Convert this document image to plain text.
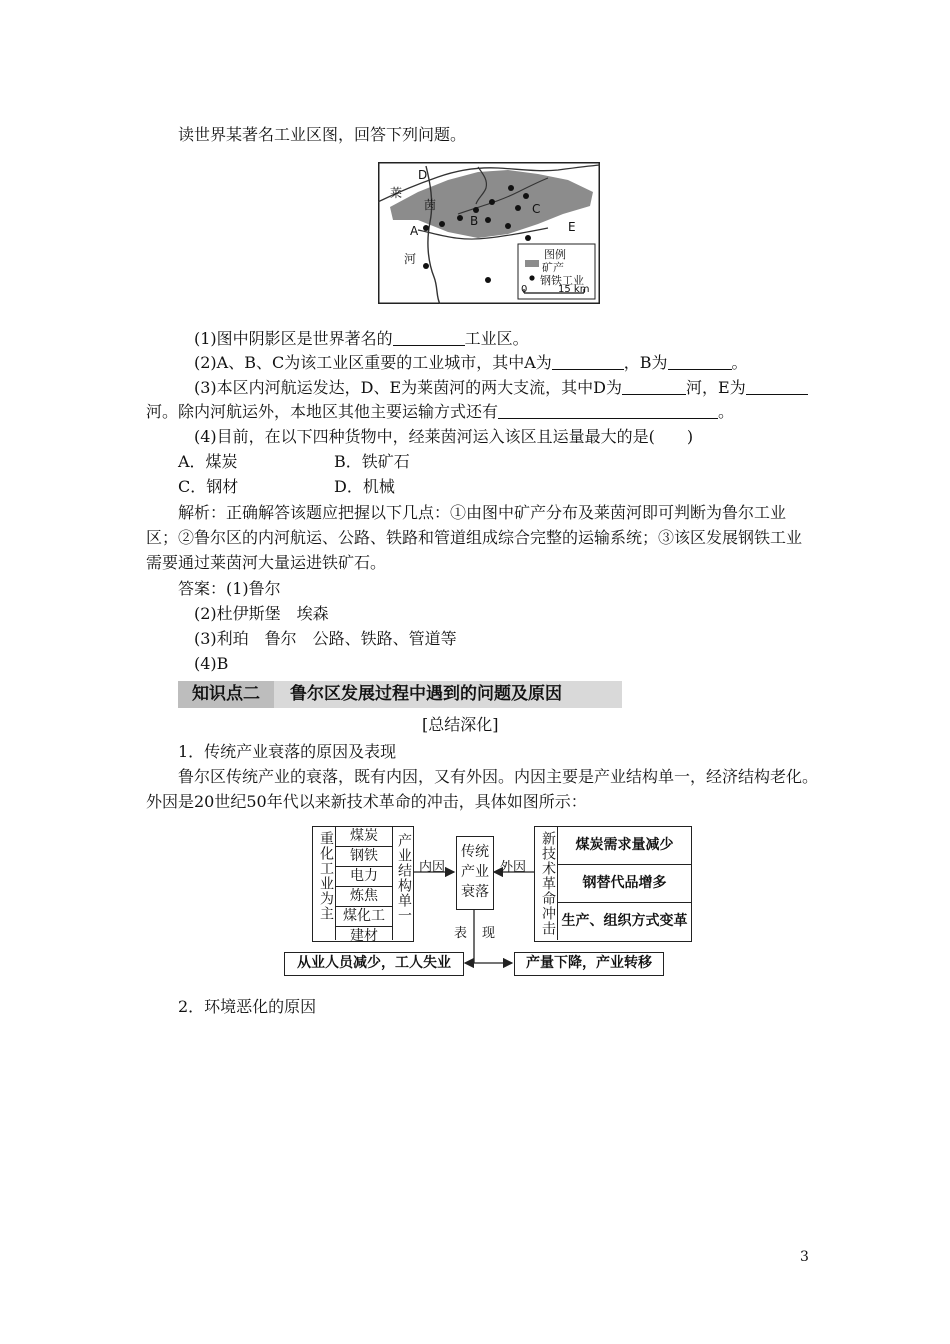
读世界某著名工业区图，回答下列问题。
D
莱
茵
A
B
C
E
河	图例
矿产
钢铁工业
0	15 km
(1)图中阴影区是世界著名的	工业区。
(2)A、B、C为该工业区重要的工业城市，其中A为	，B为	。
(3)本区内河航运发达，D、E为莱茵河的两大支流，其中D为	河，E为
河。除内河航运外，本地区其他主要运输方式还有	。
(4)目前，在以下四种货物中，经莱茵河运入该区且运量最大的是(　　)
A．煤炭	B．铁矿石
C．钢材	D．机械
解析：正确解答该题应把握以下几点：①由图中矿产分布及莱茵河即可判断为鲁尔工业
区；②鲁尔区的内河航运、公路、铁路和管道组成综合完整的运输系统；③该区发展钢铁工业
需要通过莱茵河大量运进铁矿石。
答案：(1)鲁尔
(2)杜伊斯堡　埃森
(3)利珀　鲁尔　公路、铁路、管道等
(4)B
知识点二	鲁尔区发展过程中遇到的问题及原因
[总结深化]
1．传统产业衰落的原因及表现
鲁尔区传统产业的衰落，既有内因，又有外因。内因主要是产业结构单一，经济结构老化。
外因是20世纪50年代以来新技术革命的冲击，具体如图所示：
重化工业为主	煤炭
钢铁
电力
炼焦
煤化工
建材
产业结构单一 内因
传统产业衰落
外因 新技术革命冲击	煤炭需求量减少
钢替代品增多
生产、组织方式变革
表 现
从业人员减少，工人失业	产量下降，产业转移
2．环境恶化的原因
3
